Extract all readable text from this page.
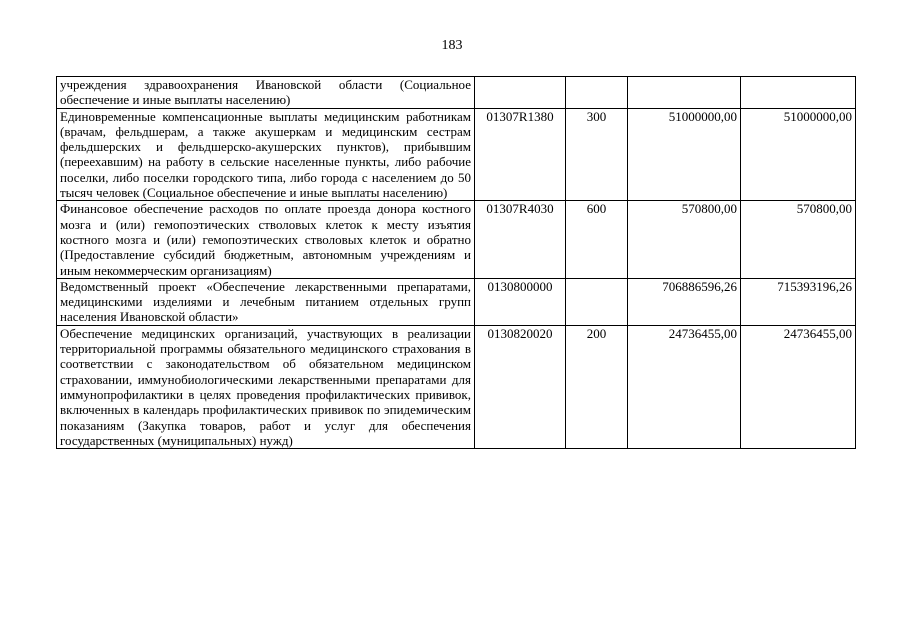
183
учреждения здравоохранения Ивановской области (Социальное обеспечение и иные выплаты населению)				
Единовременные компенсационные выплаты медицинским работникам (врачам, фельдшерам, а также акушеркам и медицинским сестрам фельдшерских и фельдшерско-акушерских пунктов), прибывшим (переехавшим) на работу в сельские населенные пункты, либо рабочие поселки, либо поселки городского типа, либо города с населением до 50 тысяч человек (Социальное обеспечение и иные выплаты населению)	01307R1380	300	51000000,00	51000000,00
Финансовое обеспечение расходов по оплате проезда донора костного мозга и (или) гемопоэтических стволовых клеток к месту изъятия костного мозга и (или) гемопоэтических стволовых клеток и обратно (Предоставление субсидий бюджетным, автономным учреждениям и иным некоммерческим организациям)	01307R4030	600	570800,00	570800,00
Ведомственный проект «Обеспечение лекарственными препаратами, медицинскими изделиями и лечебным питанием отдельных групп населения Ивановской области»	0130800000		706886596,26	715393196,26
Обеспечение медицинских организаций, участвующих в реализации территориальной программы обязательного медицинского страхования в соответствии с законодательством об обязательном медицинском страховании, иммунобиологическими лекарственными препаратами для иммунопрофилактики в целях проведения профилактических прививок, включенных в календарь профилактических прививок по эпидемическим показаниям (Закупка товаров, работ и услуг для обеспечения государственных (муниципальных) нужд)	0130820020	200	24736455,00	24736455,00
